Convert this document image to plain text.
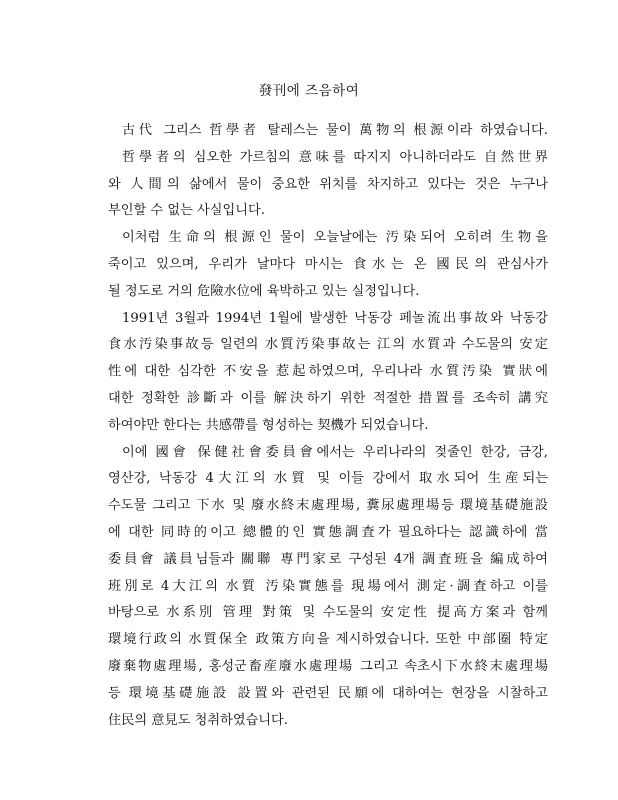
發刊에 즈음하여
古代 그리스 哲學者 탈레스는 물이 萬物의 根源이라 하였습니다.
哲學者의 심오한 가르침의 意味를 따지지 아니하더라도 自然世界
와 人間의 삶에서 물이 중요한 위치를 차지하고 있다는 것은 누구나
부인할 수 없는 사실입니다.
이처럼 生命의 根源인 물이 오늘날에는 汚染되어 오히려 生物을
죽이고 있으며, 우리가 날마다 마시는 食水는 온 國民의 관심사가
될 정도로 거의 危險水位에 육박하고 있는 실정입니다.
1991년 3월과 1994년 1월에 발생한 낙동강 페놀流出事故와 낙동강
食水汚染事故등 일련의 水質汚染事故는 江의 水質과 수도물의 安定
性에 대한 심각한 不安을 惹起하였으며, 우리나라 水質汚染 實狀에
대한 정확한 診斷과 이를 解決하기 위한 적절한 措置를 조속히 講究
하여야만 한다는 共感帶를 형성하는 契機가 되었습니다.
이에 國會 保健社會委員會에서는 우리나라의 젖줄인 한강, 금강,
영산강, 낙동강 4大江의 水質 및 이들 강에서 取水되어 生産되는
수도물 그리고 下水 및 廢水終末處理場, 糞尿處理場등 環境基礎施設
에 대한 同時的이고 總體的인 實態調査가 필요하다는 認識하에 當
委員會 議員님들과 關聯 專門家로 구성된 4개 調査班을 編成하여
班別로 4大江의 水質 汚染實態를 現場에서 測定·調査하고 이를
바탕으로 水系別 管理 對策 및 수도물의 安定性 提高方案과 함께
環境行政의 水質保全 政策方向을 제시하였습니다. 또한 中部圈 特定
廢棄物處理場, 홍성군畜産廢水處理場 그리고 속초시下水終末處理場
등 環境基礎施設 設置와 관련된 民願에 대하여는 현장을 시찰하고
住民의 意見도 청취하였습니다.
